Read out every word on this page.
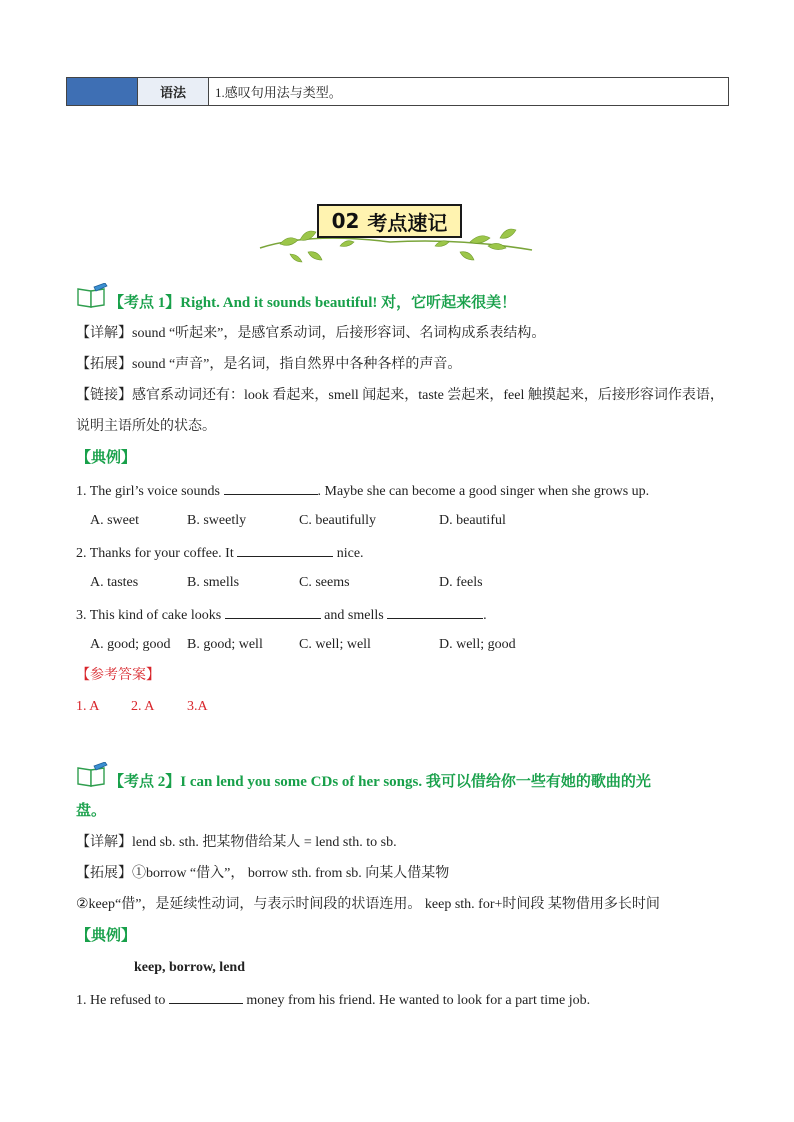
语法	1.感叹句用法与类型。
02 考点速记
【考点 1】Right. And it sounds beautiful! 对，它听起来很美！
【详解】sound “听起来”，是感官系动词，后接形容词、名词构成系表结构。
【拓展】sound “声音”，是名词，指自然界中各种各样的声音。
【链接】感官系动词还有：look 看起来，smell 闻起来，taste 尝起来，feel 触摸起来，后接形容词作表语，
说明主语所处的状态。
【典例】
1. The girl’s voice sounds	. Maybe she can become a good singer when she grows up.
A. sweet	B. sweetly	C. beautifully	D. beautiful
2. Thanks for your coffee. It	nice.
A. tastes	B. smells	C. seems	D. feels
3. This kind of cake looks	and smells	.
A. good; good B. good; well	C. well; well	D. well; good
【参考答案】
1. A 2. A 3.A
【考点 2】I can lend you some CDs of her songs. 我可以借给你一些有她的歌曲的光
盘。
【详解】lend sb. sth. 把某物借给某人 = lend sth. to sb.
【拓展】①borrow “借入”， borrow sth. from sb. 向某人借某物
②keep“借”，是延续性动词，与表示时间段的状语连用。 keep sth. for+时间段 某物借用多长时间
【典例】
keep, borrow, lend
1. He refused to	money from his friend. He wanted to look for a part time job.
